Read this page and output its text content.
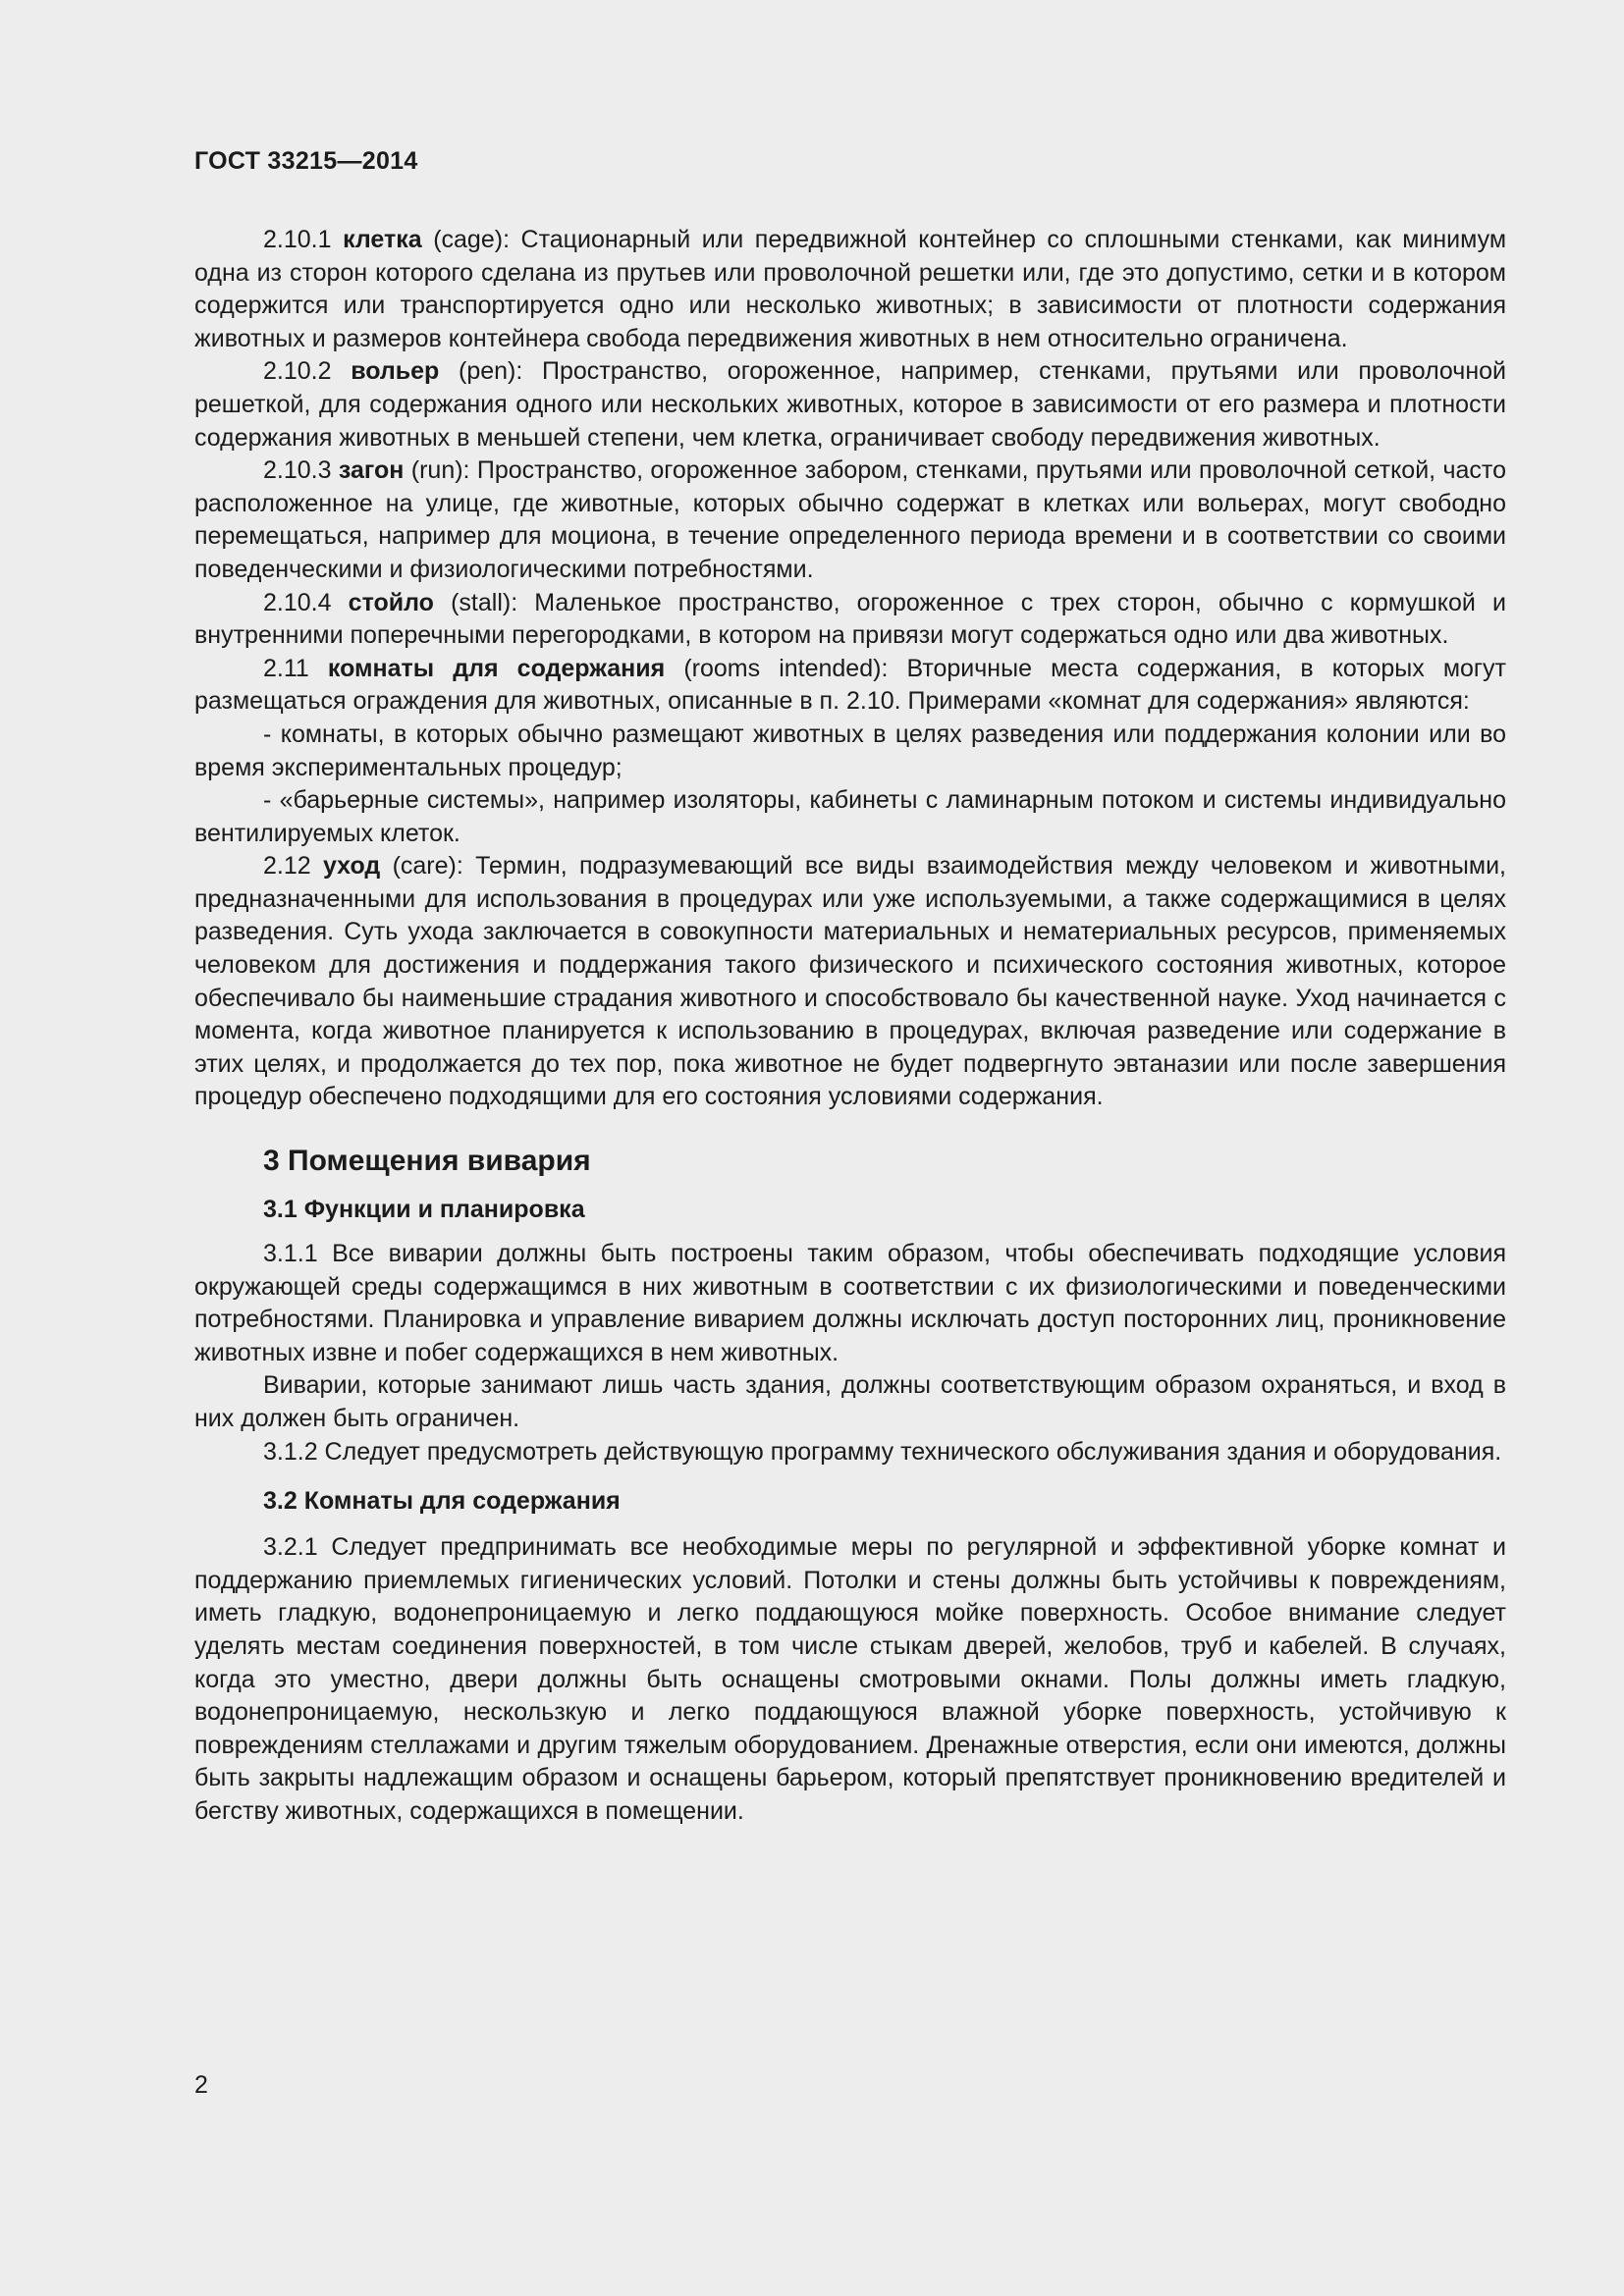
ГОСТ 33215—2014

2.10.1 клетка (cage): Стационарный или передвижной контейнер со сплошными стенками, как минимум одна из сторон которого сделана из прутьев или проволочной решетки или, где это допустимо, сетки и в котором содержится или транспортируется одно или несколько животных; в зависимости от плотности содержания животных и размеров контейнера свобода передвижения животных в нем относительно ограничена.

2.10.2 вольер (pen): Пространство, огороженное, например, стенками, прутьями или проволочной решеткой, для содержания одного или нескольких животных, которое в зависимости от его размера и плотности содержания животных в меньшей степени, чем клетка, ограничивает свободу передвижения животных.

2.10.3 загон (run): Пространство, огороженное забором, стенками, прутьями или проволочной сеткой, часто расположенное на улице, где животные, которых обычно содержат в клетках или вольерах, могут свободно перемещаться, например для моциона, в течение определенного периода времени и в соответствии со своими поведенческими и физиологическими потребностями.

2.10.4 стойло (stall): Маленькое пространство, огороженное с трех сторон, обычно с кормушкой и внутренними поперечными перегородками, в котором на привязи могут содержаться одно или два животных.

2.11 комнаты для содержания (rooms intended): Вторичные места содержания, в которых могут размещаться ограждения для животных, описанные в п. 2.10. Примерами «комнат для содержания» являются:

- комнаты, в которых обычно размещают животных в целях разведения или поддержания колонии или во время экспериментальных процедур;

- «барьерные системы», например изоляторы, кабинеты с ламинарным потоком и системы индивидуально вентилируемых клеток.

2.12 уход (care): Термин, подразумевающий все виды взаимодействия между человеком и животными, предназначенными для использования в процедурах или уже используемыми, а также содержащимися в целях разведения. Суть ухода заключается в совокупности материальных и нематериальных ресурсов, применяемых человеком для достижения и поддержания такого физического и психического состояния животных, которое обеспечивало бы наименьшие страдания животного и способствовало бы качественной науке. Уход начинается с момента, когда животное планируется к использованию в процедурах, включая разведение или содержание в этих целях, и продолжается до тех пор, пока животное не будет подвергнуто эвтаназии или после завершения процедур обеспечено подходящими для его состояния условиями содержания.

3 Помещения вивария
3.1 Функции и планировка

3.1.1 Все виварии должны быть построены таким образом, чтобы обеспечивать подходящие условия окружающей среды содержащимся в них животным в соответствии с их физиологическими и поведенческими потребностями. Планировка и управление виварием должны исключать доступ посторонних лиц, проникновение животных извне и побег содержащихся в нем животных.

Виварии, которые занимают лишь часть здания, должны соответствующим образом охраняться, и вход в них должен быть ограничен.

3.1.2 Следует предусмотреть действующую программу технического обслуживания здания и оборудования.

3.2 Комнаты для содержания

3.2.1 Следует предпринимать все необходимые меры по регулярной и эффективной уборке комнат и поддержанию приемлемых гигиенических условий. Потолки и стены должны быть устойчивы к повреждениям, иметь гладкую, водонепроницаемую и легко поддающуюся мойке поверхность. Особое внимание следует уделять местам соединения поверхностей, в том числе стыкам дверей, желобов, труб и кабелей. В случаях, когда это уместно, двери должны быть оснащены смотровыми окнами. Полы должны иметь гладкую, водонепроницаемую, нескользкую и легко поддающуюся влажной уборке поверхность, устойчивую к повреждениям стеллажами и другим тяжелым оборудованием. Дренажные отверстия, если они имеются, должны быть закрыты надлежащим образом и оснащены барьером, который препятствует проникновению вредителей и бегству животных, содержащихся в помещении.

2
